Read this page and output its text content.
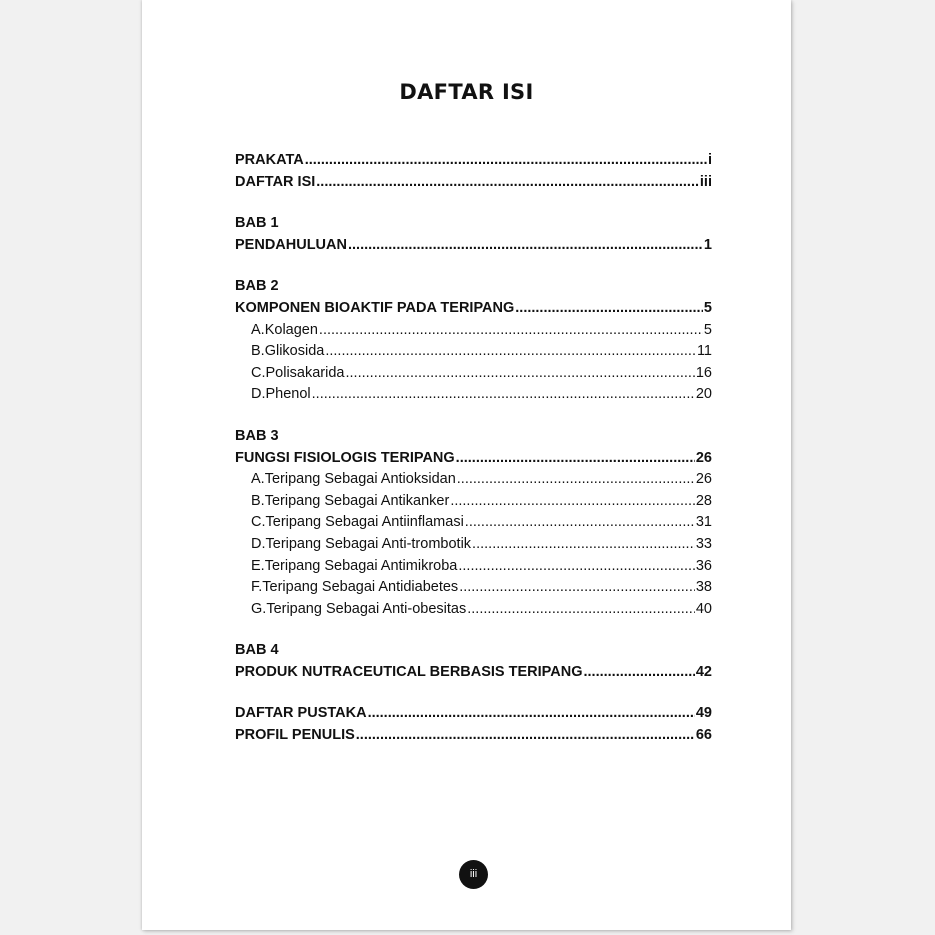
DAFTAR ISI
PRAKATA .....	i
DAFTAR ISI .....	iii
BAB 1
PENDAHULUAN .....	1
BAB 2
KOMPONEN BIOAKTIF PADA TERIPANG .....	5
A. Kolagen .....	5
B. Glikosida .....	11
C. Polisakarida .....	16
D. Phenol .....	20
BAB 3
FUNGSI FISIOLOGIS TERIPANG .....	26
A. Teripang Sebagai Antioksidan .....	26
B. Teripang Sebagai Antikanker .....	28
C. Teripang Sebagai Antiinflamasi .....	31
D. Teripang Sebagai Anti-trombotik .....	33
E. Teripang Sebagai Antimikroba .....	36
F. Teripang Sebagai Antidiabetes .....	38
G. Teripang Sebagai Anti-obesitas .....	40
BAB 4
PRODUK NUTRACEUTICAL BERBASIS TERIPANG .....	42
DAFTAR PUSTAKA .....	49
PROFIL PENULIS .....	66
iii
